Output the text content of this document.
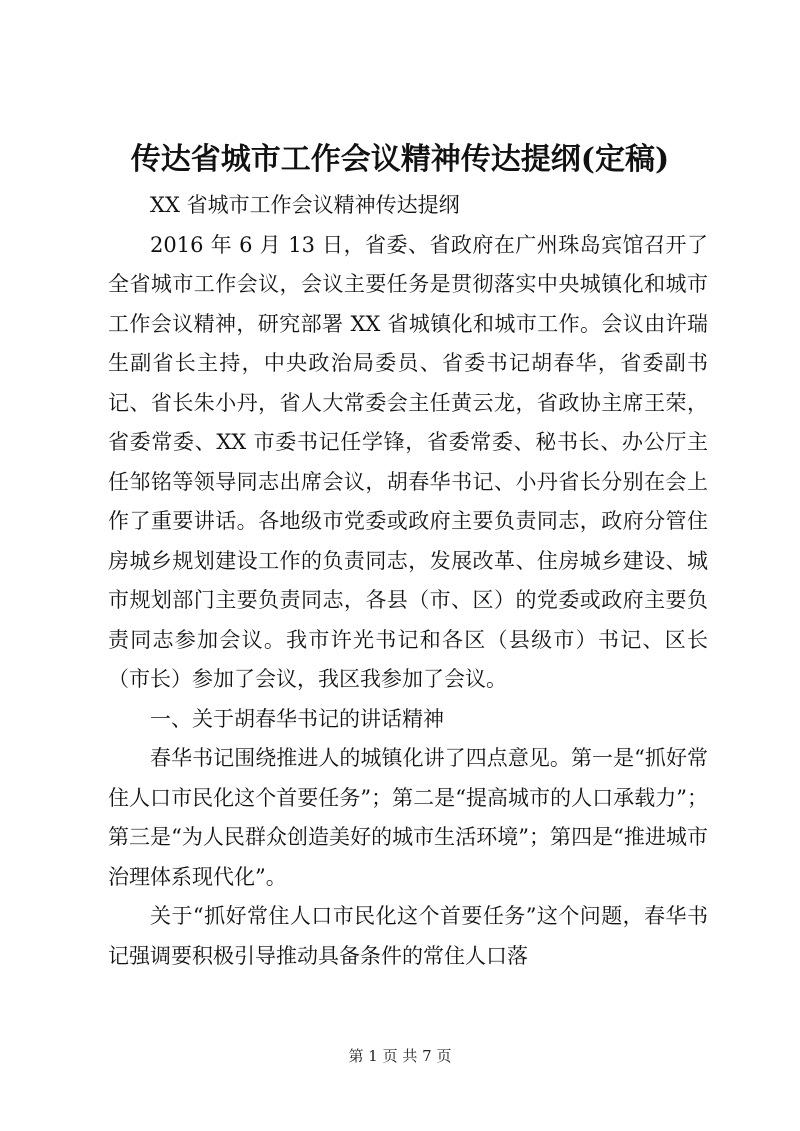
传达省城市工作会议精神传达提纲(定稿)

XX 省城市工作会议精神传达提纲

2016 年 6 月 13 日，省委、省政府在广州珠岛宾馆召开了全省城市工作会议，会议主要任务是贯彻落实中央城镇化和城市工作会议精神，研究部署 XX 省城镇化和城市工作。会议由许瑞生副省长主持，中央政治局委员、省委书记胡春华，省委副书记、省长朱小丹，省人大常委会主任黄云龙，省政协主席王荣，省委常委、XX 市委书记任学锋，省委常委、秘书长、办公厅主任邹铭等领导同志出席会议，胡春华书记、小丹省长分别在会上作了重要讲话。各地级市党委或政府主要负责同志，政府分管住房城乡规划建设工作的负责同志，发展改革、住房城乡建设、城市规划部门主要负责同志，各县（市、区）的党委或政府主要负责同志参加会议。我市许光书记和各区（县级市）书记、区长（市长）参加了会议，我区我参加了会议。

一、关于胡春华书记的讲话精神

春华书记围绕推进人的城镇化讲了四点意见。第一是“抓好常住人口市民化这个首要任务”；第二是“提高城市的人口承载力”；第三是“为人民群众创造美好的城市生活环境”；第四是“推进城市治理体系现代化”。

关于“抓好常住人口市民化这个首要任务”这个问题，春华书记强调要积极引导推动具备条件的常住人口落

第 1 页 共 7 页
